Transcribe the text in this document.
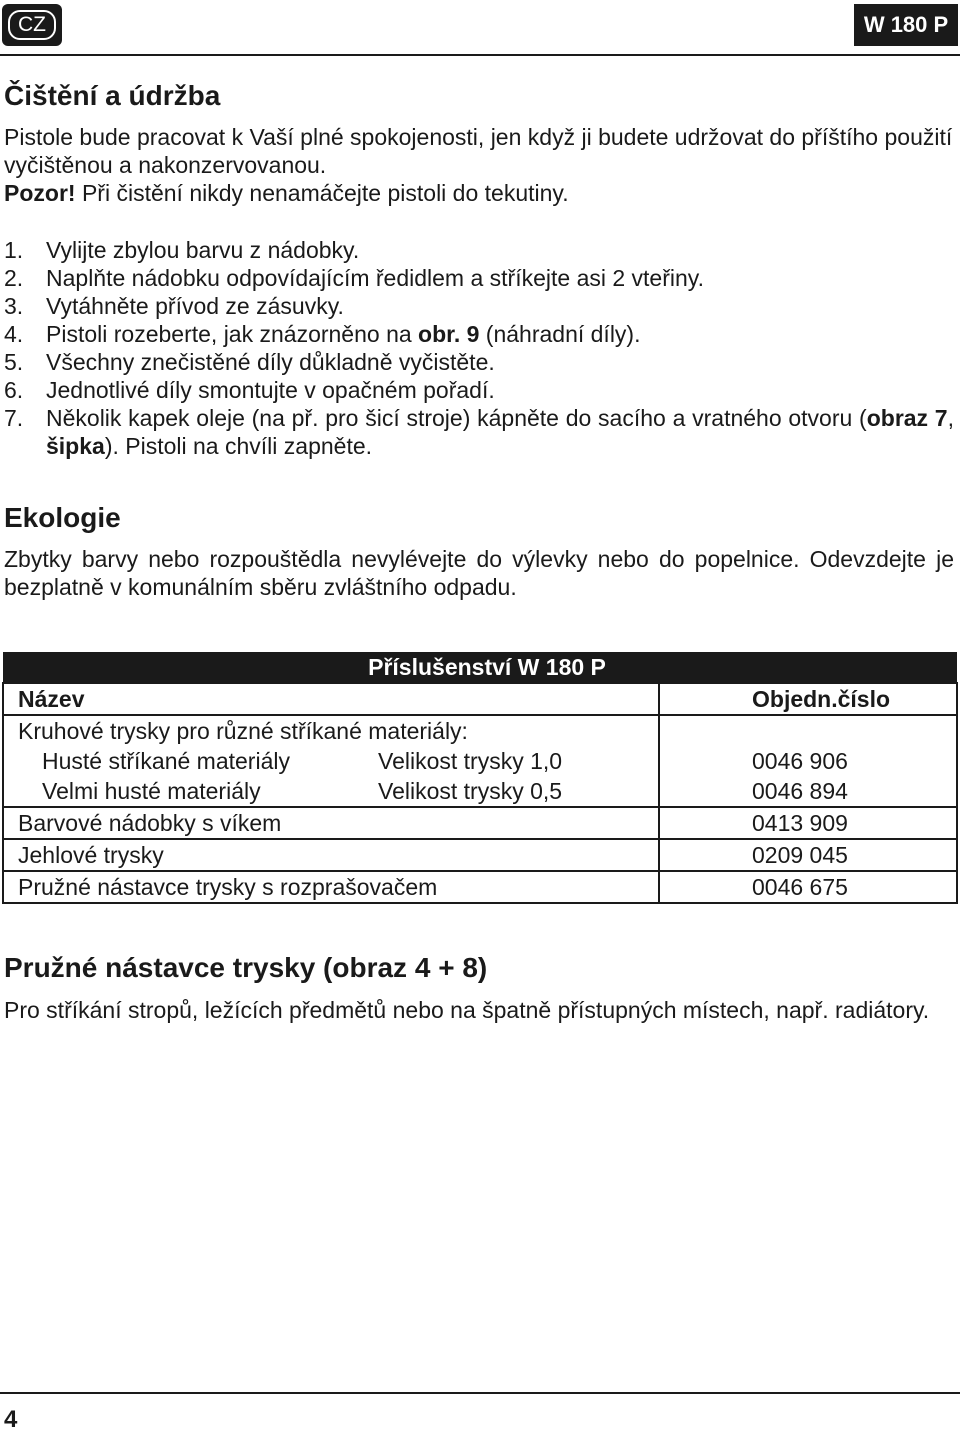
CZ	W 180 P
Čištění a údržba

Pistole bude pracovat k Vaší plné spokojenosti, jen když ji budete udržovat do příštího použití vyčištěnou a nakonzervovanou.
Pozor! Při čistění nikdy nenamáčejte pistoli do tekutiny.

1. Vylijte zbylou barvu z nádobky.
2. Naplňte nádobku odpovídajícím ředidlem a stříkejte asi 2 vteřiny.
3. Vytáhněte přívod ze zásuvky.
4. Pistoli rozeberte, jak znázorněno na obr. 9 (náhradní díly).
5. Všechny znečistěné díly důkladně vyčistěte.
6. Jednotlivé díly smontujte v opačném pořadí.
7. Několik kapek oleje (na př. pro šicí stroje) kápněte do sacího a vratného otvoru (obraz 7, šipka). Pistoli na chvíli zapněte.
Ekologie

Zbytky barvy nebo rozpouštědla nevylévejte do výlevky nebo do popelnice. Odevzdejte je bezplatně v komunálním sběru zvláštního odpadu.

Příslušenství W 180 P	
Název	Objedn.číslo
Kruhové trysky pro různé stříkané materiály:	
Husté stříkané materiály Velikost trysky 1,0	0046 906
Velmi husté materiály Velikost trysky 0,5	0046 894
Barvové nádobky s víkem	0413 909
Jehlové trysky	0209 045
Pružné nástavce trysky s rozprašovačem	0046 675
Pružné nástavce trysky (obraz 4 + 8)

Pro stříkání stropů, ležících předmětů nebo na špatně přístupných místech, např. radiátory.

4
